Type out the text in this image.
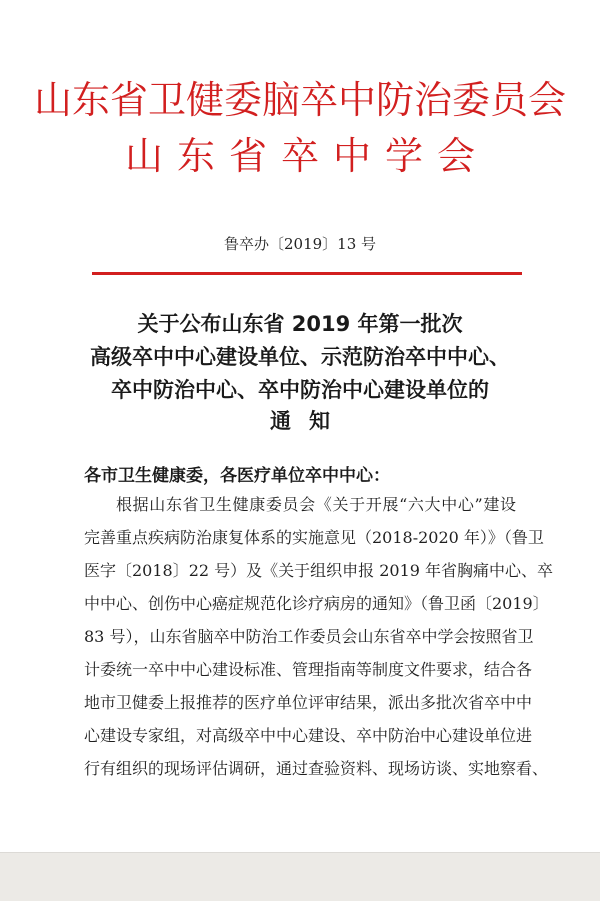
山东省卫健委脑卒中防治委员会
山东省卒中学会
鲁卒办〔2019〕13 号
关于公布山东省 2019 年第一批次
高级卒中中心建设单位、示范防治卒中中心、
卒中防治中心、卒中防治中心建设单位的
通知
各市卫生健康委，各医疗单位卒中中心：
根据山东省卫生健康委员会《关于开展“六大中心”建设
完善重点疾病防治康复体系的实施意见（2018-2020 年）》（鲁卫
医字〔2018〕22 号）及《关于组织申报 2019 年省胸痛中心、卒
中中心、创伤中心癌症规范化诊疗病房的通知》（鲁卫函〔2019〕
83 号），山东省脑卒中防治工作委员会山东省卒中学会按照省卫
计委统一卒中中心建设标准、管理指南等制度文件要求，结合各
地市卫健委上报推荐的医疗单位评审结果，派出多批次省卒中中
心建设专家组，对高级卒中中心建设、卒中防治中心建设单位进
行有组织的现场评估调研，通过查验资料、现场访谈、实地察看、
